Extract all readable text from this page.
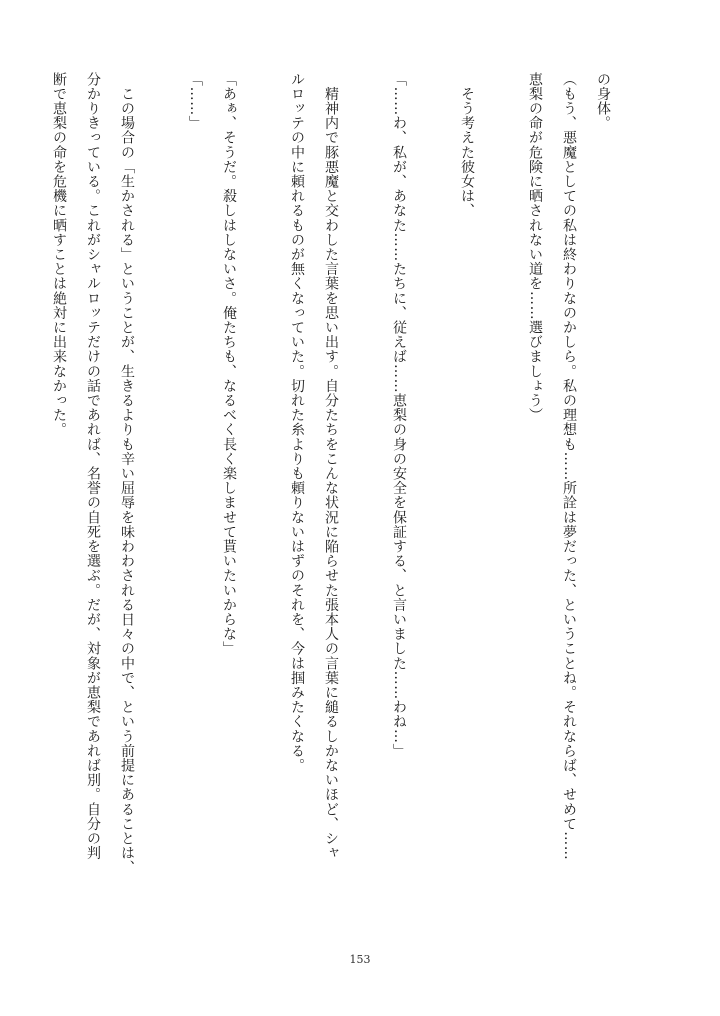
の身体。

（もう、悪魔としての私は終わりなのかしら。私の理想も……所詮は夢だった、ということね。それならば、せめて……

恵梨の命が危険に晒されない道を……選びましょう）

　そう考えた彼女は、

「……わ、私が、あなた……たちに、従えば……恵梨の身の安全を保証する、と言いました……わね…」

　精神内で豚悪魔と交わした言葉を思い出す。自分たちをこんな状況に陥らせた張本人の言葉に縋るしかないほど、シャ

ルロッテの中に頼れるものが無くなっていた。切れた糸よりも頼りないはずのそれを、今は掴みたくなる。

「あぁ、そうだ。殺しはしないさ。俺たちも、なるべく長く楽しませて貰いたいからな」

「……」

　この場合の「生かされる」ということが、生きるよりも辛い屈辱を味わわされる日々の中で、という前提にあることは、

分かりきっている。これがシャルロッテだけの話であれば、名誉の自死を選ぶ。だが、対象が恵梨であれば別。自分の判

断で恵梨の命を危機に晒すことは絶対に出来なかった。

153
